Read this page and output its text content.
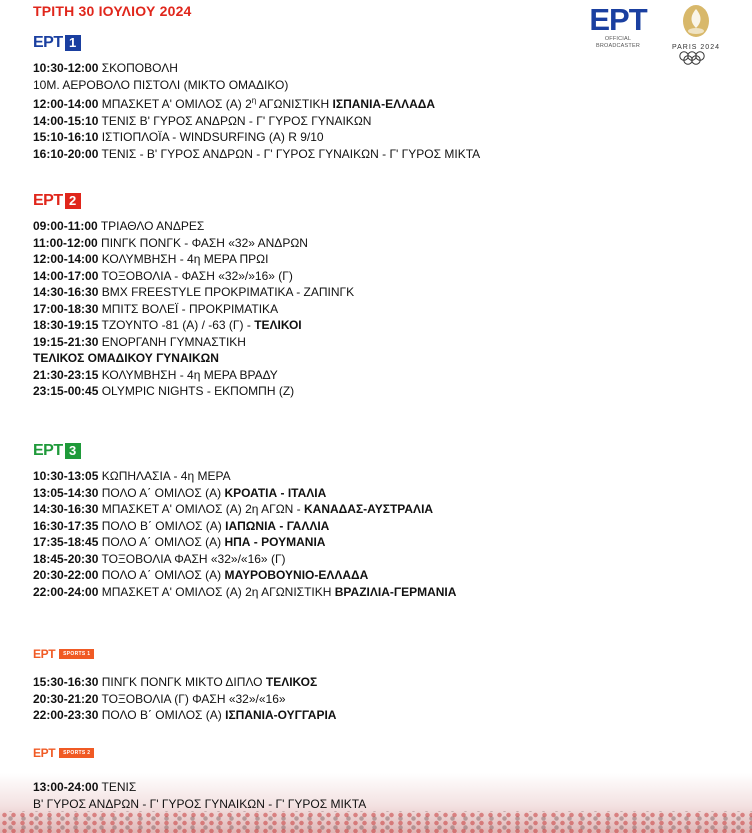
ΤΡΙΤΗ 30 ΙΟΥΛΙΟΥ 2024	ΕΡΤ
OFFICIAL
BROADCASTER	PARIS 2024
ΕΡΤ 1
10:30-12:00 ΣΚΟΠΟΒΟΛΗ
10Μ. ΑΕΡΟΒΟΛΟ ΠΙΣΤΟΛΙ (ΜΙΚΤΟ ΟΜΑΔΙΚΟ)
12:00-14:00 ΜΠΑΣΚΕΤ Α' ΟΜΙΛΟΣ (Α) $2^\eta$ ΑΓΩΝΙΣΤΙΚΗ ΙΣΠΑΝΙΑ-ΕΛΛΑΔΑ
14:00-15:10 ΤΕΝΙΣ Β' ΓΥΡΟΣ ΑΝΔΡΩΝ - Γ' ΓΥΡΟΣ ΓΥΝΑΙΚΩΝ
15:10-16:10 ΙΣΤΙΟΠΛΟΪΑ - WINDSURFING (Α) R 9/10
16:10-20:00 ΤΕΝΙΣ - Β' ΓΥΡΟΣ ΑΝΔΡΩΝ - Γ' ΓΥΡΟΣ ΓΥΝΑΙΚΩΝ - Γ' ΓΥΡΟΣ ΜΙΚΤΑ
ΕΡΤ 2
09:00-11:00 ΤΡΙΑΘΛΟ ΑΝΔΡΕΣ
11:00-12:00 ΠΙΝΓΚ ΠΟΝΓΚ - ΦΑΣΗ «32» ΑΝΔΡΩΝ
12:00-14:00 ΚΟΛΥΜΒΗΣΗ - 4η ΜΕΡΑ ΠΡΩΙ
14:00-17:00 ΤΟΞΟΒΟΛΙΑ - ΦΑΣΗ «32»/»16» (Γ)
14:30-16:30 BMX FREESTYLE ΠΡΟΚΡΙΜΑΤΙΚΑ - ΖΑΠΙΝΓΚ
17:00-18:30 ΜΠΙΤΣ ΒΟΛΕΪ - ΠΡΟΚΡΙΜΑΤΙΚΑ
18:30-19:15 ΤΖΟΥΝΤΟ -81 (Α) / -63 (Γ) - ΤΕΛΙΚΟΙ
19:15-21:30 ΕΝΟΡΓΑΝΗ ΓΥΜΝΑΣΤΙΚΗ
ΤΕΛΙΚΟΣ ΟΜΑΔΙΚΟΥ ΓΥΝΑΙΚΩΝ
21:30-23:15 ΚΟΛΥΜΒΗΣΗ - 4η ΜΕΡΑ ΒΡΑΔΥ
23:15-00:45 OLYMPIC NIGHTS - ΕΚΠΟΜΠΗ (Ζ)
ΕΡΤ 3
10:30-13:05 ΚΩΠΗΛΑΣΙΑ - 4η ΜΕΡΑ
13:05-14:30 ΠΟΛΟ Α΄ ΟΜΙΛΟΣ (Α) ΚΡΟΑΤΙΑ - ΙΤΑΛΙΑ
14:30-16:30 ΜΠΑΣΚΕΤ Α' ΟΜΙΛΟΣ (Α) 2η ΑΓΩΝ - ΚΑΝΑΔΑΣ-ΑΥΣΤΡΑΛΙΑ
16:30-17:35 ΠΟΛΟ Β΄ ΟΜΙΛΟΣ (Α) ΙΑΠΩΝΙΑ - ΓΑΛΛΙΑ
17:35-18:45 ΠΟΛΟ Α΄ ΟΜΙΛΟΣ (Α) ΗΠΑ - ΡΟΥΜΑΝΙΑ
18:45-20:30 ΤΟΞΟΒΟΛΙΑ ΦΑΣΗ «32»/«16» (Γ)
20:30-22:00 ΠΟΛΟ Α΄ ΟΜΙΛΟΣ (Α) ΜΑΥΡΟΒΟΥΝΙΟ-ΕΛΛΑΔΑ
22:00-24:00 ΜΠΑΣΚΕΤ Α' ΟΜΙΛΟΣ (Α) 2η ΑΓΩΝΙΣΤΙΚΗ ΒΡΑΖΙΛΙΑ-ΓΕΡΜΑΝΙΑ
ΕΡΤ	SPORTS 1
15:30-16:30 ΠΙΝΓΚ ΠΟΝΓΚ ΜΙΚΤΟ ΔΙΠΛΟ ΤΕΛΙΚΟΣ
20:30-21:20 ΤΟΞΟΒΟΛΙΑ (Γ) ΦΑΣΗ «32»/«16»
22:00-23:30 ΠΟΛΟ Β΄ ΟΜΙΛΟΣ (Α) ΙΣΠΑΝΙΑ-ΟΥΓΓΑΡΙΑ
ΕΡΤ	SPORTS 2
13:00-24:00 ΤΕΝΙΣ
Β' ΓΥΡΟΣ ΑΝΔΡΩΝ - Γ' ΓΥΡΟΣ ΓΥΝΑΙΚΩΝ - Γ' ΓΥΡΟΣ ΜΙΚΤΑ
